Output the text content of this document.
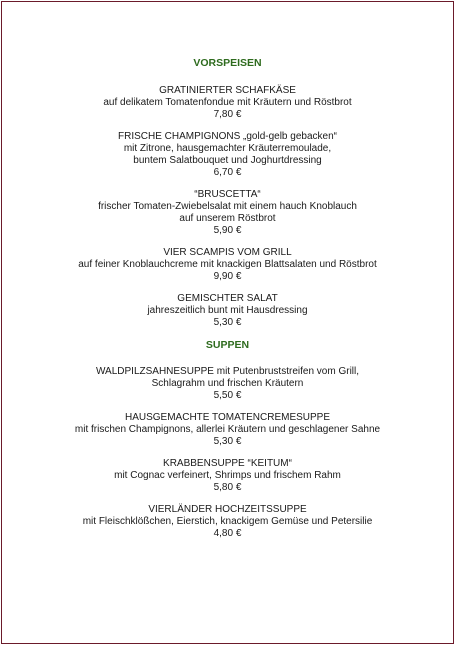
VORSPEISEN
GRATINIERTER SCHAFKÄSE
auf delikatem Tomatenfondue mit Kräutern und Röstbrot
7,80 €
FRISCHE CHAMPIGNONS „gold-gelb gebacken“
mit Zitrone, hausgemachter Kräuterremoulade,
buntem Salatbouquet und Joghurtdressing
6,70 €
“BRUSCETTA“
frischer Tomaten-Zwiebelsalat mit einem hauch Knoblauch
auf unserem Röstbrot
5,90 €
VIER SCAMPIS VOM GRILL
auf feiner Knoblauchcreme mit knackigen Blattsalaten und Röstbrot
9,90 €
GEMISCHTER SALAT
jahreszeitlich bunt mit Hausdressing
5,30 €
SUPPEN
WALDPILZSAHNESUPPE mit Putenbruststreifen vom Grill,
Schlagrahm und frischen Kräutern
5,50 €
HAUSGEMACHTE TOMATENCREMESUPPE
mit frischen Champignons, allerlei Kräutern und geschlagener Sahne
5,30 €
KRABBENSUPPE “KEITUM“
mit Cognac verfeinert, Shrimps und frischem Rahm
5,80 €
VIERLÄNDER HOCHZEITSSUPPE
mit Fleischklößchen, Eierstich, knackigem Gemüse und Petersilie
4,80 €
